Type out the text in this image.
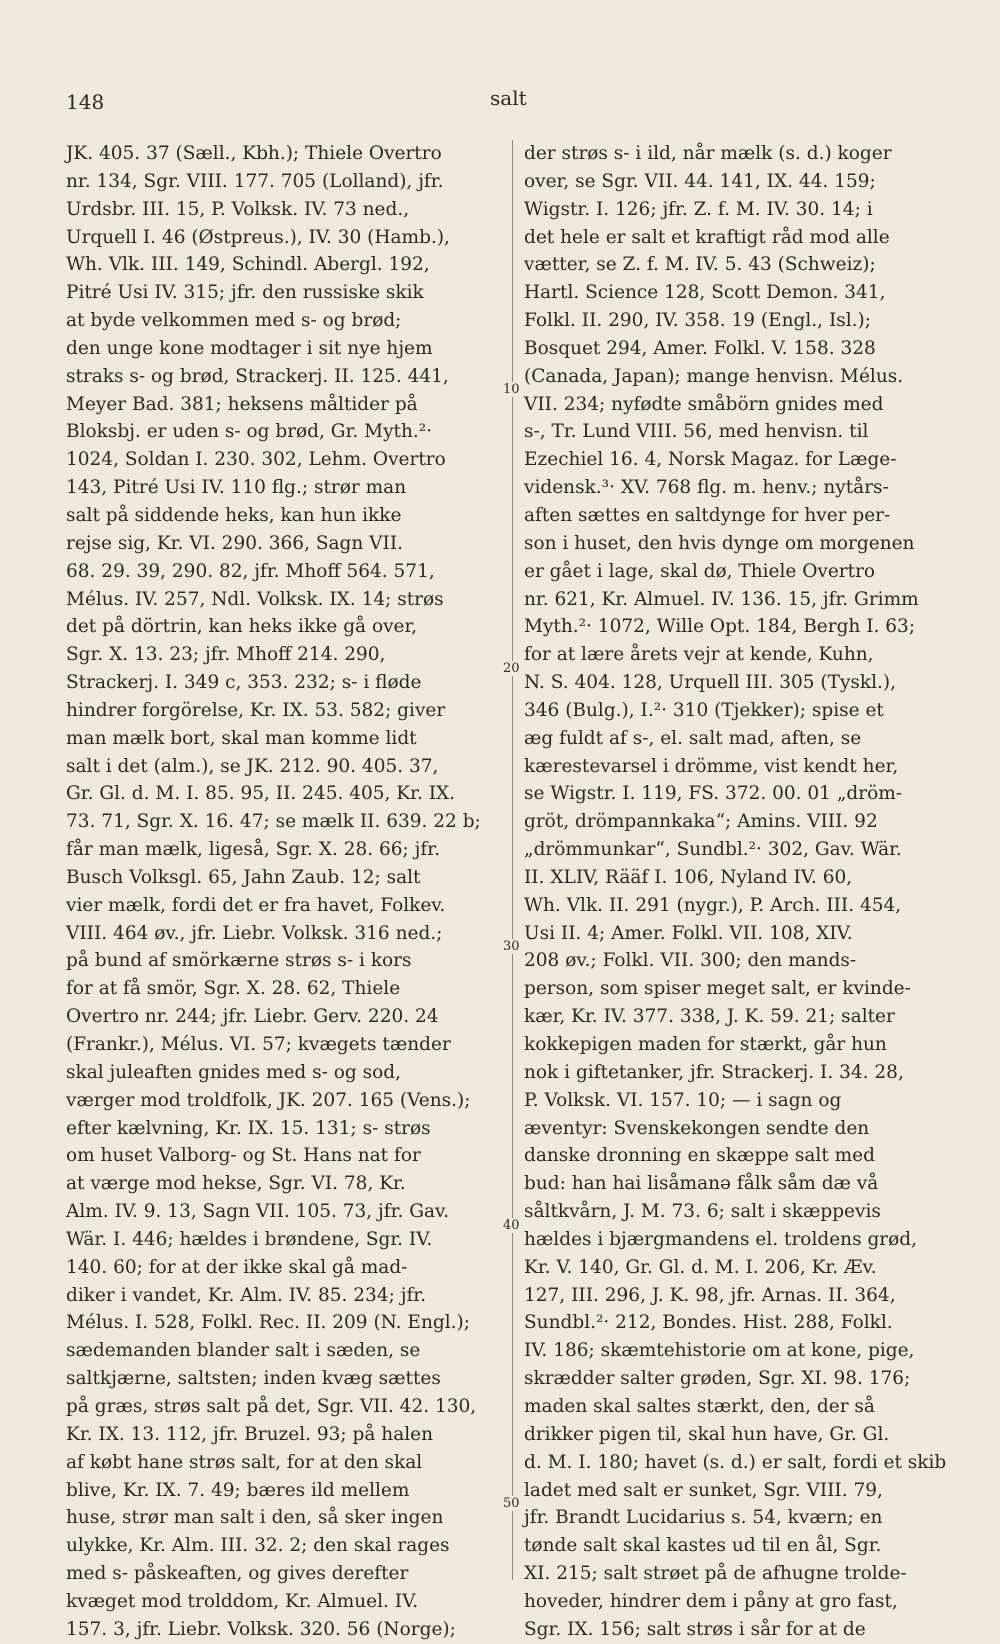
148	salt
JK. 405. 37 (Sæll., Kbh.); Thiele Overtro
nr. 134, Sgr. VIII. 177. 705 (Lolland), jfr.
Urdsbr. III. 15, P. Volksk. IV. 73 ned.,
Urquell I. 46 (Østpreus.), IV. 30 (Hamb.),
Wh. Vlk. III. 149, Schindl. Abergl. 192,
Pitré Usi IV. 315; jfr. den russiske skik
at byde velkommen med s- og brød;
den unge kone modtager i sit nye hjem
straks s- og brød, Strackerj. II. 125. 441,
Meyer Bad. 381; heksens måltider på
Bloksbj. er uden s- og brød, Gr. Myth.²·
1024, Soldan I. 230. 302, Lehm. Overtro
143, Pitré Usi IV. 110 flg.; strør man
salt på siddende heks, kan hun ikke
rejse sig, Kr. VI. 290. 366, Sagn VII.
68. 29. 39, 290. 82, jfr. Mhoff 564. 571,
Mélus. IV. 257, Ndl. Volksk. IX. 14; strøs
det på dörtrin, kan heks ikke gå over,
Sgr. X. 13. 23; jfr. Mhoff 214. 290,
Strackerj. I. 349 c, 353. 232; s- i fløde
hindrer forgörelse, Kr. IX. 53. 582; giver
man mælk bort, skal man komme lidt
salt i det (alm.), se JK. 212. 90. 405. 37,
Gr. Gl. d. M. I. 85. 95, II. 245. 405, Kr. IX.
73. 71, Sgr. X. 16. 47; se mælk II. 639. 22 b;
får man mælk, ligeså, Sgr. X. 28. 66; jfr.
Busch Volksgl. 65, Jahn Zaub. 12; salt
vier mælk, fordi det er fra havet, Folkev.
VIII. 464 øv., jfr. Liebr. Volksk. 316 ned.;
på bund af smörkærne strøs s- i kors
for at få smör, Sgr. X. 28. 62, Thiele
Overtro nr. 244; jfr. Liebr. Gerv. 220. 24
(Frankr.), Mélus. VI. 57; kvægets tænder
skal juleaften gnides med s- og sod,
værger mod troldfolk, JK. 207. 165 (Vens.);
efter kælvning, Kr. IX. 15. 131; s- strøs
om huset Valborg- og St. Hans nat for
at værge mod hekse, Sgr. VI. 78, Kr.
Alm. IV. 9. 13, Sagn VII. 105. 73, jfr. Gav.
Wär. I. 446; hældes i brøndene, Sgr. IV.
140. 60; for at der ikke skal gå mad-
diker i vandet, Kr. Alm. IV. 85. 234; jfr.
Mélus. I. 528, Folkl. Rec. II. 209 (N. Engl.);
sædemanden blander salt i sæden, se
saltkjærne, saltsten; inden kvæg sættes
på græs, strøs salt på det, Sgr. VII. 42. 130,
Kr. IX. 13. 112, jfr. Bruzel. 93; på halen
af købt hane strøs salt, for at den skal
blive, Kr. IX. 7. 49; bæres ild mellem
huse, strør man salt i den, så sker ingen
ulykke, Kr. Alm. III. 32. 2; den skal rages
med s- påskeaften, og gives derefter
kvæget mod trolddom, Kr. Almuel. IV.
157. 3, jfr. Liebr. Volksk. 320. 56 (Norge);
der strøs s- i ild, når mælk (s. d.) koger
over, se Sgr. VII. 44. 141, IX. 44. 159;
Wigstr. I. 126; jfr. Z. f. M. IV. 30. 14; i
det hele er salt et kraftigt råd mod alle
vætter, se Z. f. M. IV. 5. 43 (Schweiz);
Hartl. Science 128, Scott Demon. 341,
Folkl. II. 290, IV. 358. 19 (Engl., Isl.);
Bosquet 294, Amer. Folkl. V. 158. 328
(Canada, Japan); mange henvisn. Mélus.
VII. 234; nyfødte småbörn gnides med
s-, Tr. Lund VIII. 56, med henvisn. til
Ezechiel 16. 4, Norsk Magaz. for Læge-
vidensk.³· XV. 768 flg. m. henv.; nytårs-
aften sættes en saltdynge for hver per-
son i huset, den hvis dynge om morgenen
er gået i lage, skal dø, Thiele Overtro
nr. 621, Kr. Almuel. IV. 136. 15, jfr. Grimm
Myth.²· 1072, Wille Opt. 184, Bergh I. 63;
for at lære årets vejr at kende, Kuhn,
N. S. 404. 128, Urquell III. 305 (Tyskl.),
346 (Bulg.), I.²· 310 (Tjekker); spise et
æg fuldt af s-, el. salt mad, aften, se
kærestevarsel i drömme, vist kendt her,
se Wigstr. I. 119, FS. 372. 00. 01 „dröm-
gröt, drömpannkaka“; Amins. VIII. 92
„drömmunkar“, Sundbl.²· 302, Gav. Wär.
II. XLIV, Rääf I. 106, Nyland IV. 60,
Wh. Vlk. II. 291 (nygr.), P. Arch. III. 454,
Usi II. 4; Amer. Folkl. VII. 108, XIV.
208 øv.; Folkl. VII. 300; den mands-
person, som spiser meget salt, er kvinde-
kær, Kr. IV. 377. 338, J. K. 59. 21; salter
kokkepigen maden for stærkt, går hun
nok i giftetanker, jfr. Strackerj. I. 34. 28,
P. Volksk. VI. 157. 10; — i sagn og
æventyr: Svenskekongen sendte den
danske dronning en skæppe salt med
bud: han hai lisåmanə fålk såm dæ vå
såltkvårn, J. M. 73. 6; salt i skæppevis
hældes i bjærgmandens el. troldens grød,
Kr. V. 140, Gr. Gl. d. M. I. 206, Kr. Æv.
127, III. 296, J. K. 98, jfr. Arnas. II. 364,
Sundbl.²· 212, Bondes. Hist. 288, Folkl.
IV. 186; skæmtehistorie om at kone, pige,
skrædder salter grøden, Sgr. XI. 98. 176;
maden skal saltes stærkt, den, der så
drikker pigen til, skal hun have, Gr. Gl.
d. M. I. 180; havet (s. d.) er salt, fordi et skib
ladet med salt er sunket, Sgr. VIII. 79,
jfr. Brandt Lucidarius s. 54, kværn; en
tønde salt skal kastes ud til en ål, Sgr.
XI. 215; salt strøet på de afhugne trolde-
hoveder, hindrer dem i påny at gro fast,
Sgr. IX. 156; salt strøs i sår for at de
10
20
30
40
50
